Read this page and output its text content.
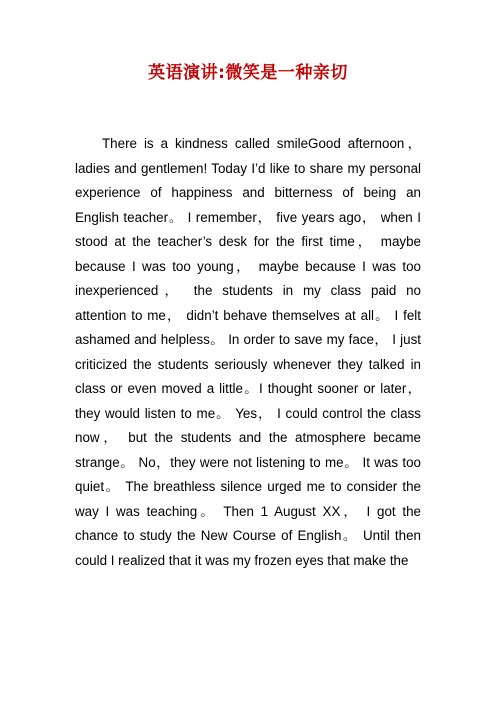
英语演讲:微笑是一种亲切

There is a kindness called smileGood afternoon，ladies and gentlemen! Today I’d like to share my personal experience of happiness and bitterness of being an English teacher。 I remember， five years ago， when I stood at the teacher’s desk for the first time， maybe because I was too young， maybe because I was too inexperienced， the students in my class paid no attention to me， didn’t behave themselves at all。 I felt ashamed and helpless。 In order to save my face， I just criticized the students seriously whenever they talked in class or even moved a little。I thought sooner or later，they would listen to me。 Yes， I could control the class now， but the students and the atmosphere became strange。 No，they were not listening to me。 It was too quiet。 The breathless silence urged me to consider the way I was teaching。 Then 1 August XX， I got the chance to study the New Course of English。 Until then could I realized that it was my frozen eyes that make the
